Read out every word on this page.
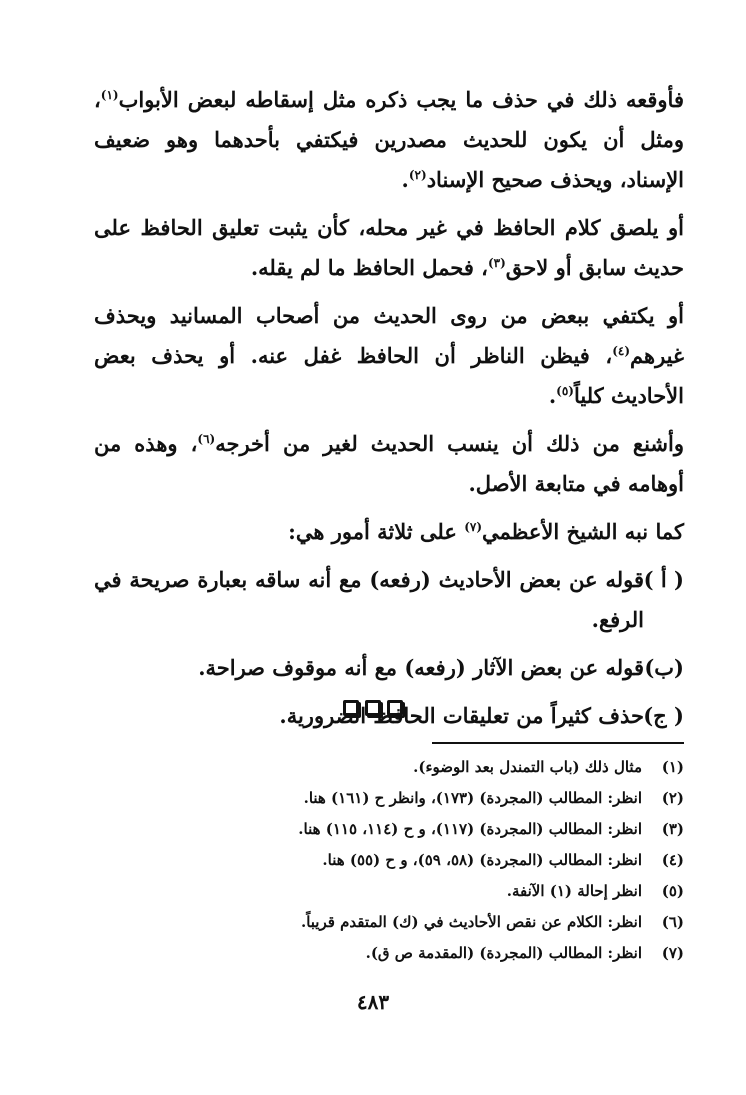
فأوقعه ذلك في حذف ما يجب ذكره مثل إسقاطه لبعض الأبواب$^{(١)}$، ومثل أن يكون للحديث مصدرين فيكتفي بأحدهما وهو ضعيف الإسناد، ويحذف صحيح الإسناد$^{(٢)}$.

أو يلصق كلام الحافظ في غير محله، كأن يثبت تعليق الحافظ على حديث سابق أو لاحق$^{(٣)}$، فحمل الحافظ ما لم يقله.

أو يكتفي ببعض من روى الحديث من أصحاب المسانيد ويحذف غيرهم$^{(٤)}$، فيظن الناظر أن الحافظ غفل عنه. أو يحذف بعض الأحاديث كلياً$^{(٥)}$.

وأشنع من ذلك أن ينسب الحديث لغير من أخرجه$^{(٦)}$، وهذه من أوهامه في متابعة الأصل.

كما نبه الشيخ الأعظمي$^{(٧)}$ على ثلاثة أمور هي:

( أ )
قوله عن بعض الأحاديث (رفعه) مع أنه ساقه بعبارة صريحة في الرفع.
(ب)
قوله عن بعض الآثار (رفعه) مع أنه موقوف صراحة.
( ج)
حذف كثيراً من تعليقات الحافظ الضرورية.
(١)
مثال ذلك (باب التمندل بعد الوضوء).
(٢)
انظر: المطالب (المجردة) (١٧٣)، وانظر ح (١٦١) هنا.
(٣)
انظر: المطالب (المجردة) (١١٧)، و ح (١١٤، ١١٥) هنا.
(٤)
انظر: المطالب (المجردة) (٥٨، ٥٩)، و ح (٥٥) هنا.
(٥)
انظر إحالة (١) الآنفة.
(٦)
انظر: الكلام عن نقص الأحاديث في (ك) المتقدم قريباً.
(٧)
انظر: المطالب (المجردة) (المقدمة ص ق).
٤٨٣
